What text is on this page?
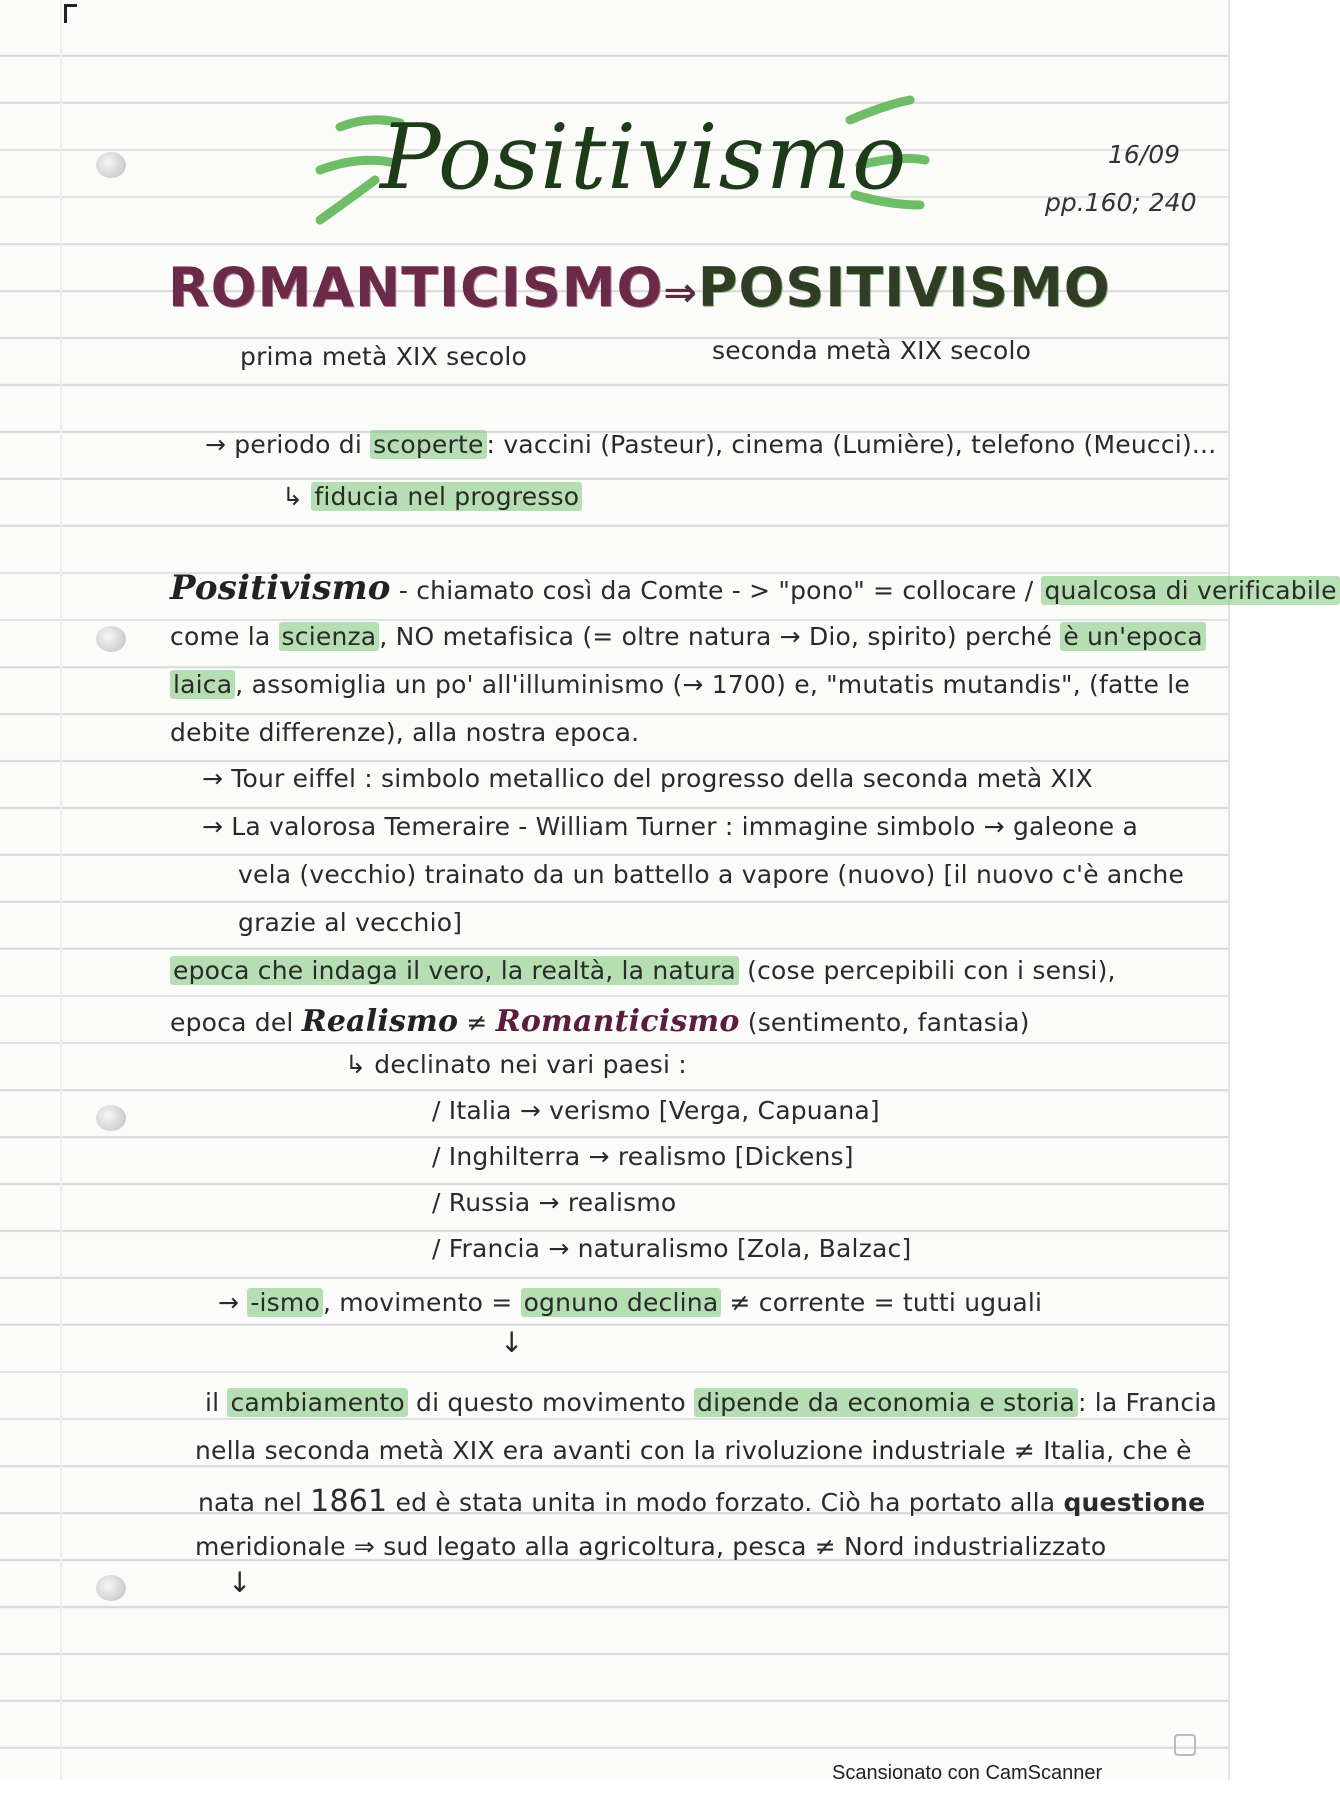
Positivismo	16/09
pp.160; 240
ROMANTICISMO⇒POSITIVISMO
prima metà XIX secolo	seconda metà XIX secolo
→ periodo di scoperte : vaccini (Pasteur), cinema (Lumière), telefono (Meucci)...
↳ fiducia nel progresso
Positivismo - chiamato così da Comte - > "pono" = collocare / qualcosa di verificabile
come la scienza , NO metafisica (= oltre natura → Dio, spirito) perché è un'epoca
laica , assomiglia un po' all'illuminismo (→ 1700) e, "mutatis mutandis", (fatte le
debite differenze), alla nostra epoca.
→ Tour eiffel : simbolo metallico del progresso della seconda metà XIX
→ La valorosa Temeraire - William Turner : immagine simbolo → galeone a
vela (vecchio) trainato da un battello a vapore (nuovo) [il nuovo c'è anche
grazie al vecchio]
epoca che indaga il vero, la realtà, la natura (cose percepibili con i sensi),
epoca del Realismo ≠ Romanticismo (sentimento, fantasia)
↳ declinato nei vari paesi :
/ Italia → verismo [Verga, Capuana]
/ Inghilterra → realismo [Dickens]
/ Russia → realismo
/ Francia → naturalismo [Zola, Balzac]
→ -ismo , movimento = ognuno declina ≠ corrente = tutti uguali
↓
il cambiamento di questo movimento dipende da economia e storia : la Francia
nella seconda metà XIX era avanti con la rivoluzione industriale ≠ Italia, che è
nata nel 1861 ed è stata unita in modo forzato. Ciò ha portato alla questione
meridionale ⇒ sud legato alla agricoltura, pesca ≠ Nord industrializzato
↓
Scansionato con CamScanner
